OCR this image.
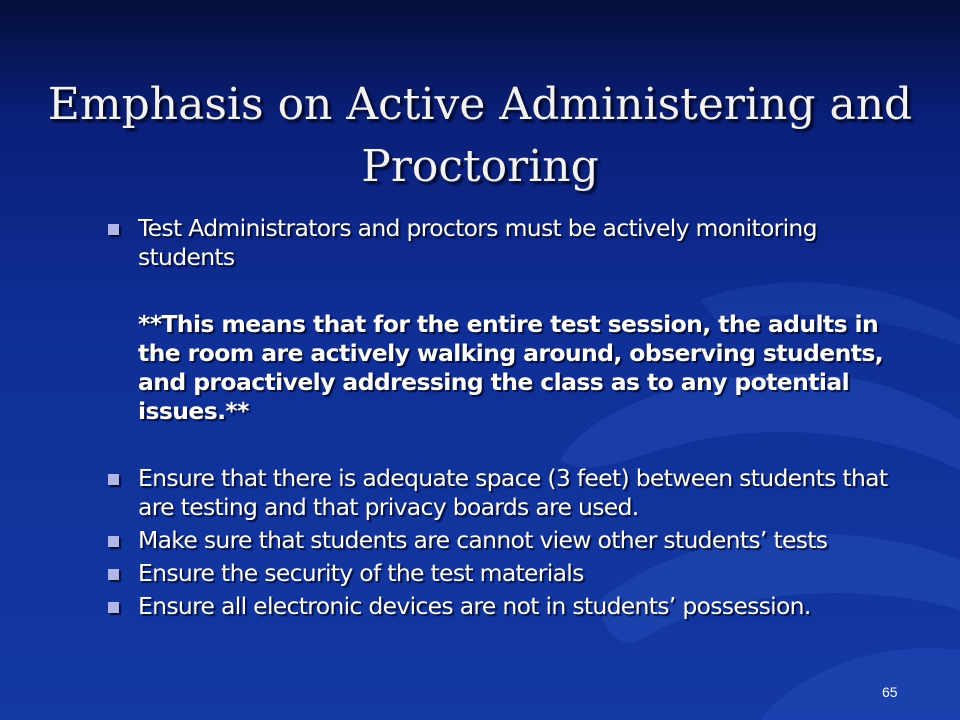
Emphasis on Active Administering and Proctoring

Test Administrators and proctors must be actively monitoring students

**This means that for the entire test session, the adults in the room are actively walking around, observing students, and proactively addressing the class as to any potential issues.**

Ensure that there is adequate space (3 feet) between students that are testing and that privacy boards are used.

Make sure that students are cannot view other students’ tests

Ensure the security of the test materials

Ensure all electronic devices are not in students’ possession.

65
